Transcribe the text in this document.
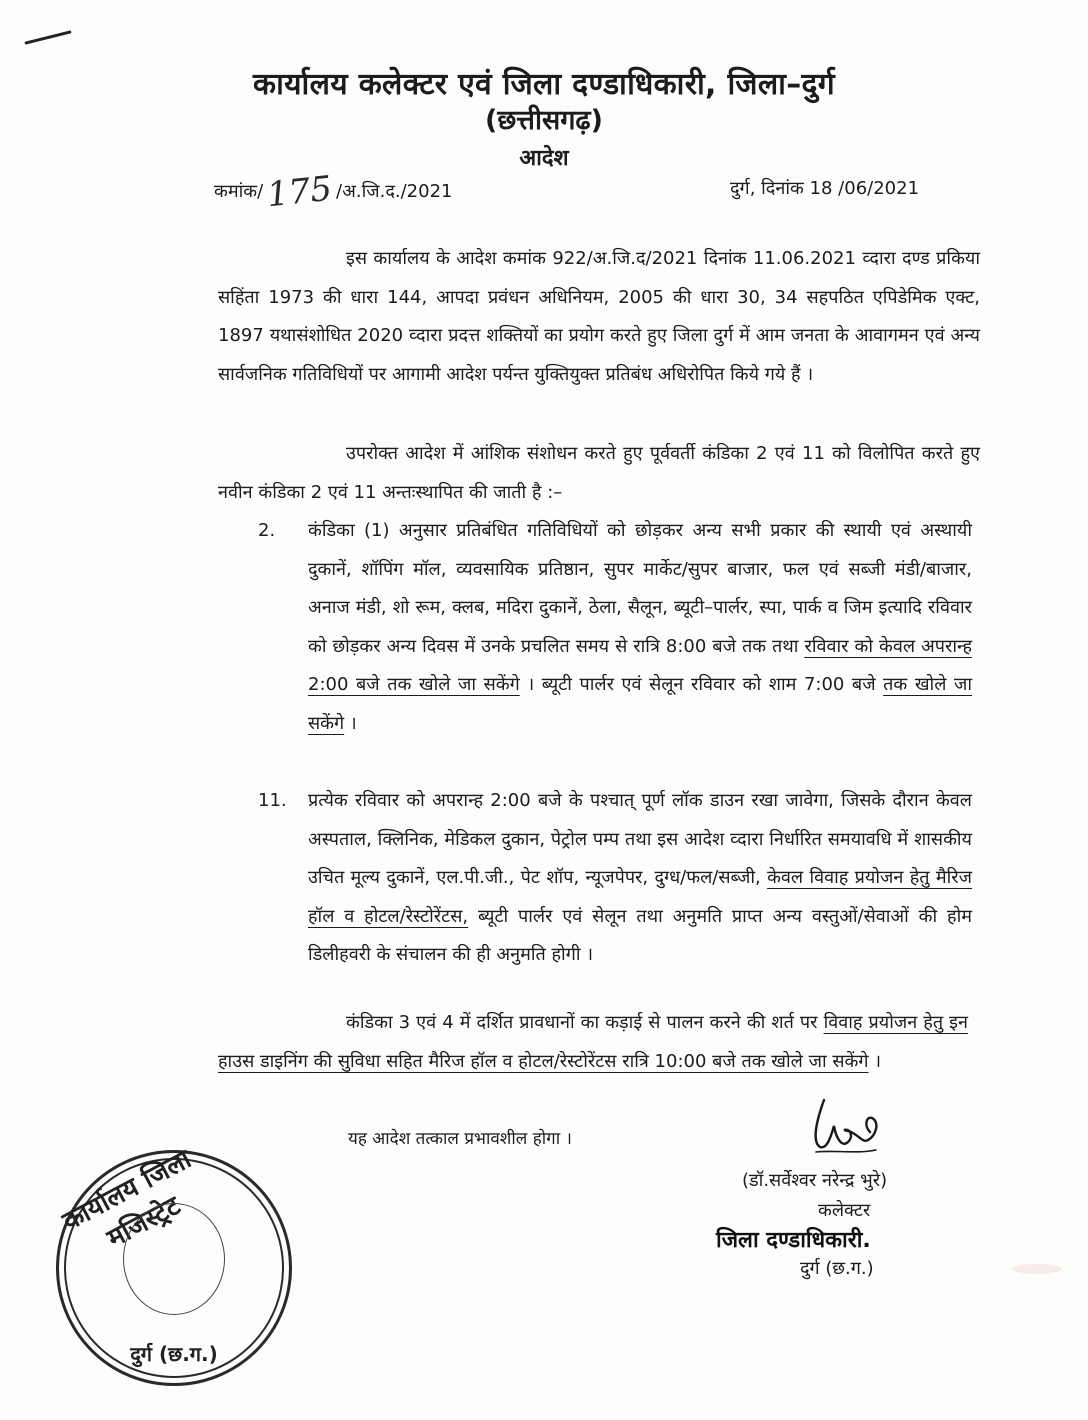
कार्यालय कलेक्टर एवं जिला दण्डाधिकारी, जिला–दुर्ग
(छत्तीसगढ़)
आदेश
कमांक/175 /अ.जि.द./2021	दुर्ग, दिनांक 18 /06/2021
इस कार्यालय के आदेश कमांक 922/अ.जि.द/2021 दिनांक 11.06.2021 व्दारा दण्ड प्रकिया सहिंता 1973 की धारा 144, आपदा प्रवंधन अधिनियम, 2005 की धारा 30, 34 सहपठित एपिडेमिक एक्ट, 1897 यथासंशोधित 2020 व्दारा प्रदत्त शक्तियों का प्रयोग करते हुए जिला दुर्ग में आम जनता के आवागमन एवं अन्य सार्वजनिक गतिविधियों पर आगामी आदेश पर्यन्त युक्तियुक्त प्रतिबंध अधिरोपित किये गये हैं ।
उपरोक्त आदेश में आंशिक संशोधन करते हुए पूर्ववर्ती कंडिका 2 एवं 11 को विलोपित करते हुए नवीन कंडिका 2 एवं 11 अन्तःस्थापित की जाती है :–
2. कंडिका (1) अनुसार प्रतिबंधित गतिविधियों को छोड़कर अन्य सभी प्रकार की स्थायी एवं अस्थायी दुकानें, शॉपिंग मॉल, व्यवसायिक प्रतिष्ठान, सुपर मार्केट/सुपर बाजार, फल एवं सब्जी मंडी/बाजार, अनाज मंडी, शो रूम, क्लब, मदिरा दुकानें, ठेला, सैलून, ब्यूटी–पार्लर, स्पा, पार्क व जिम इत्यादि रविवार को छोड़कर अन्य दिवस में उनके प्रचलित समय से रात्रि 8:00 बजे तक तथा रविवार को केवल अपरान्ह 2:00 बजे तक खोले जा सकेंगे । ब्यूटी पार्लर एवं सेलून रविवार को शाम 7:00 बजे तक खोले जा सकेंगे ।
11. प्रत्येक रविवार को अपरान्ह 2:00 बजे के पश्चात् पूर्ण लॉक डाउन रखा जावेगा, जिसके दौरान केवल अस्पताल, क्लिनिक, मेडिकल दुकान, पेट्रोल पम्प तथा इस आदेश व्दारा निर्धारित समयावधि में शासकीय उचित मूल्य दुकानें, एल.पी.जी., पेट शॉप, न्यूजपेपर, दुग्ध/फल/सब्जी, केवल विवाह प्रयोजन हेतु मैरिज हॉल व होटल/रेस्टोरेंटस, ब्यूटी पार्लर एवं सेलून तथा अनुमति प्राप्त अन्य वस्तुओं/सेवाओं की होम डिलीहवरी के संचालन की ही अनुमति होगी ।
कंडिका 3 एवं 4 में दर्शित प्रावधानों का कड़ाई से पालन करने की शर्त पर विवाह प्रयोजन हेतु इन हाउस डाइनिंग की सुविधा सहित मैरिज हॉल व होटल/रेस्टोरेंटस रात्रि 10:00 बजे तक खोले जा सकेंगे ।
यह आदेश तत्काल प्रभावशील होगा ।
(डॉ.सर्वेश्वर नरेन्द्र भुरे)
कलेक्टर
जिला दण्डाधिकारी.
दुर्ग (छ.ग.)
कार्यालय जिला मजिस्ट्रेट
दुर्ग (छ.ग.)
